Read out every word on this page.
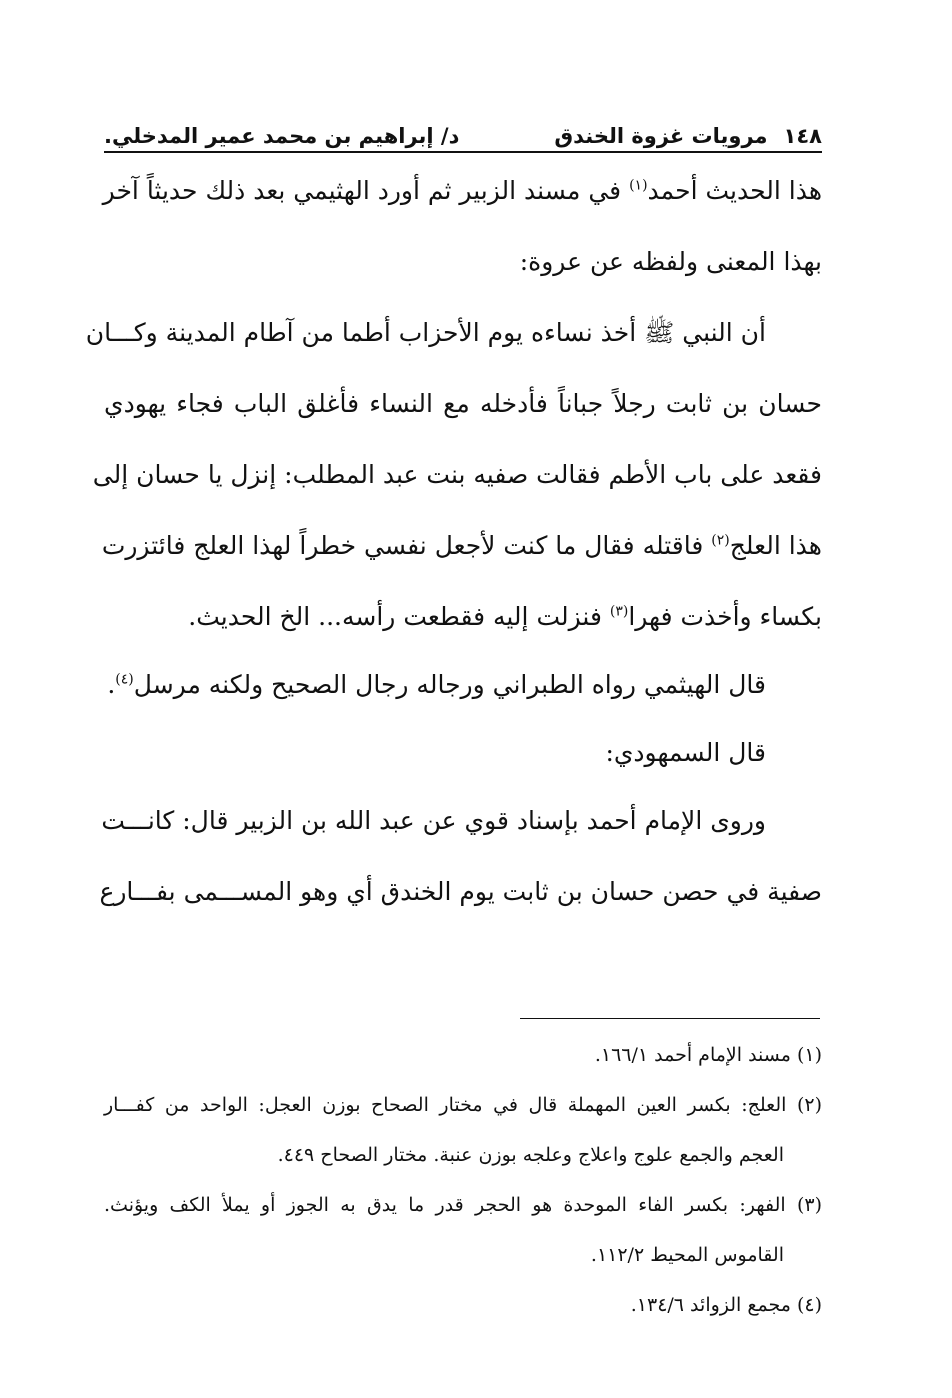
١٤٨
مرويات غزوة الخندق
د/ إبراهيم بن محمد عمير المدخلي.
هذا الحديث أحمد$^{(١)}$ في مسند الزبير ثم أورد الهثيمي بعد ذلك حديثاً آخر
بهذا المعنى ولفظه عن عروة:
أن النبي ﷺ أخذ نساءه يوم الأحزاب أطما من آطام المدينة وكـــان
حسان بن ثابت رجلاً جباناً فأدخله مع النساء فأغلق الباب فجاء يهودي
فقعد على باب الأطم فقالت صفيه بنت عبد المطلب: إنزل يا حسان إلى
هذا العلج$^{(٢)}$ فاقتله فقال ما كنت لأجعل نفسي خطراً لهذا العلج فائتزرت
بكساء وأخذت فهرا$^{(٣)}$ فنزلت إليه فقطعت رأسه... الخ الحديث.
قال الهيثمي رواه الطبراني ورجاله رجال الصحيح ولكنه مرسل$^{(٤)}$.
قال السمهودي:
وروى الإمام أحمد بإسناد قوي عن عبد الله بن الزبير قال: كانـــت
صفية في حصن حسان بن ثابت يوم الخندق أي وهو المســـمى بفـــارع
(١) مسند الإمام أحمد ١٦٦/١.
(٢) العلج: بكسر العين المهملة قال في مختار الصحاح بوزن العجل: الواحد من كفـــار
العجم والجمع علوج واعلاج وعلجه بوزن عنبة. مختار الصحاح ٤٤٩.
(٣) الفهر: بكسر الفاء الموحدة هو الحجر قدر ما يدق به الجوز أو يملأ الكف ويؤنث.
القاموس المحيط ١١٢/٢.
(٤) مجمع الزوائد ١٣٤/٦.
